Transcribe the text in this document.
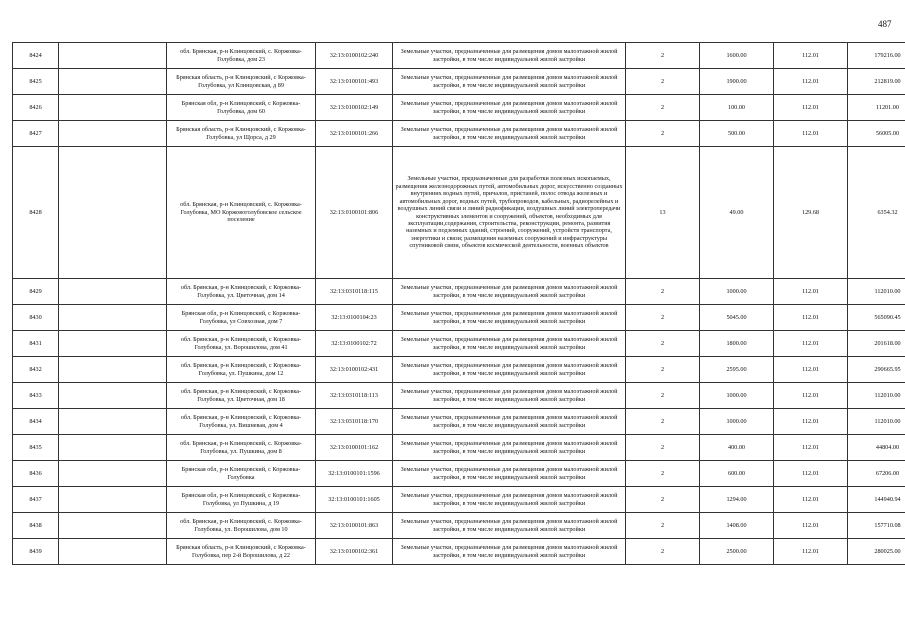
487
8424		обл. Брянская, р-н Клинцовский, с. Коржовка-Голубовка, дом 23	32:13:0100102:240	Земельные участки, предназначенные для размещения домов малоэтажной жилой застройки, в том числе индивидуальной жилой застройки	2	1600.00	112.01	179216.00
8425		Брянская область, р-н Клинцовский, с Коржовка-Голубовка, ул Клинцовская, д 89	32:13:0100101:493	Земельные участки, предназначенные для размещения домов малоэтажной жилой застройки, в том числе индивидуальной жилой застройки	2	1900.00	112.01	212819.00
8426		Брянская обл, р-н Клинцовский, с Коржовка-Голубовка, дом 60	32:13:0100102:149	Земельные участки, предназначенные для размещения домов малоэтажной жилой застройки, в том числе индивидуальной жилой застройки	2	100.00	112.01	11201.00
8427		Брянская область, р-н Клинцовский, с Коржовка-Голубовка, ул Щорса, д 29	32:13:0100101:266	Земельные участки, предназначенные для размещения домов малоэтажной жилой застройки, в том числе индивидуальной жилой застройки	2	500.00	112.01	56005.00
8428		обл. Брянская, р-н Клинцовский, с. Коржовка-Голубовка, МО Коржовоголубовское сельское поселение	32:13:0100101:806	Земельные участки, предназначенные для разработки полезных ископаемых, размещения железнодорожных путей, автомобильных дорог, искусственно созданных внутренних водных путей, причалов, пристаней, полос отвода железных и автомобильных дорог, водных путей, трубопроводов, кабельных, радиорелейных и воздушных линий связи и линий радиофикации, воздушных линий электропередачи конструктивных элементов и сооружений, объектов, необходимых для эксплуатации,содержания, строительства, реконструкции, ремонта, развития наземных и подземных зданий, строений, сооружений, устройств транспорта, энергетики и связи; размещения наземных сооружений и инфраструктуры спутниковой связи, объектов космической деятельности, военных объектов	13	49.00	129.68	6354.32
8429		обл. Брянская, р-н Клинцовский, с Коржовка-Голубовка, ул. Цветочная, дом 14	32:13:0310118:115	Земельные участки, предназначенные для размещения домов малоэтажной жилой застройки, в том числе индивидуальной жилой застройки	2	1000.00	112.01	112010.00
8430		Брянская обл, р-н Клинцовский, с Коржовка-Голубовка, ул Совхозная, дом 7	32:13:0100104:23	Земельные участки, предназначенные для размещения домов малоэтажной жилой застройки, в том числе индивидуальной жилой застройки	2	5045.00	112.01	565090.45
8431		обл. Брянская, р-н Клинцовский, с Коржовка-Голубовка, ул. Ворошилова, дом 41	32:13:0100102:72	Земельные участки, предназначенные для размещения домов малоэтажной жилой застройки, в том числе индивидуальной жилой застройки	2	1800.00	112.01	201618.00
8432		обл. Брянская, р-н Клинцовский, с Коржовка-Голубовка, ул. Пушкина, дом 12	32:13:0100102:431	Земельные участки, предназначенные для размещения домов малоэтажной жилой застройки, в том числе индивидуальной жилой застройки	2	2595.00	112.01	290665.95
8433		обл. Брянская, р-н Клинцовский, с Коржовка-Голубовка, ул. Цветочная, дом 18	32:13:0310118:113	Земельные участки, предназначенные для размещения домов малоэтажной жилой застройки, в том числе индивидуальной жилой застройки	2	1000.00	112.01	112010.00
8434		обл. Брянская, р-н Клинцовский, с Коржовка-Голубовка, ул. Вишневая, дом 4	32:13:0310118:170	Земельные участки, предназначенные для размещения домов малоэтажной жилой застройки, в том числе индивидуальной жилой застройки	2	1000.00	112.01	112010.00
8435		обл. Брянская, р-н Клинцовский, с. Коржовка-Голубовка, ул. Пушкина, дом 8	32:13:0100101:162	Земельные участки, предназначенные для размещения домов малоэтажной жилой застройки, в том числе индивидуальной жилой застройки	2	400.00	112.01	44804.00
8436		Брянская обл, р-н Клинцовский, с Коржовка-Голубовка	32:13:0100101:1596	Земельные участки, предназначенные для размещения домов малоэтажной жилой застройки, в том числе индивидуальной жилой застройки	2	600.00	112.01	67206.00
8437		Брянская обл, р-н Клинцовский, с Коржовка-Голубовка, ул Пушкина, д 19	32:13:0100101:1605	Земельные участки, предназначенные для размещения домов малоэтажной жилой застройки, в том числе индивидуальной жилой застройки	2	1294.00	112.01	144940.94
8438		обл. Брянская, р-н Клинцовский, с. Коржовка-Голубовка, ул. Ворошилова, дом 10	32:13:0100101:863	Земельные участки, предназначенные для размещения домов малоэтажной жилой застройки, в том числе индивидуальной жилой застройки	2	1408.00	112.01	157710.08
8439		Брянская область, р-н Клинцовский, с Коржовка-Голубовка, пер 2-й Ворошилова, д 22	32:13:0100102:361	Земельные участки, предназначенные для размещения домов малоэтажной жилой застройки, в том числе индивидуальной жилой застройки	2	2500.00	112.01	280025.00
